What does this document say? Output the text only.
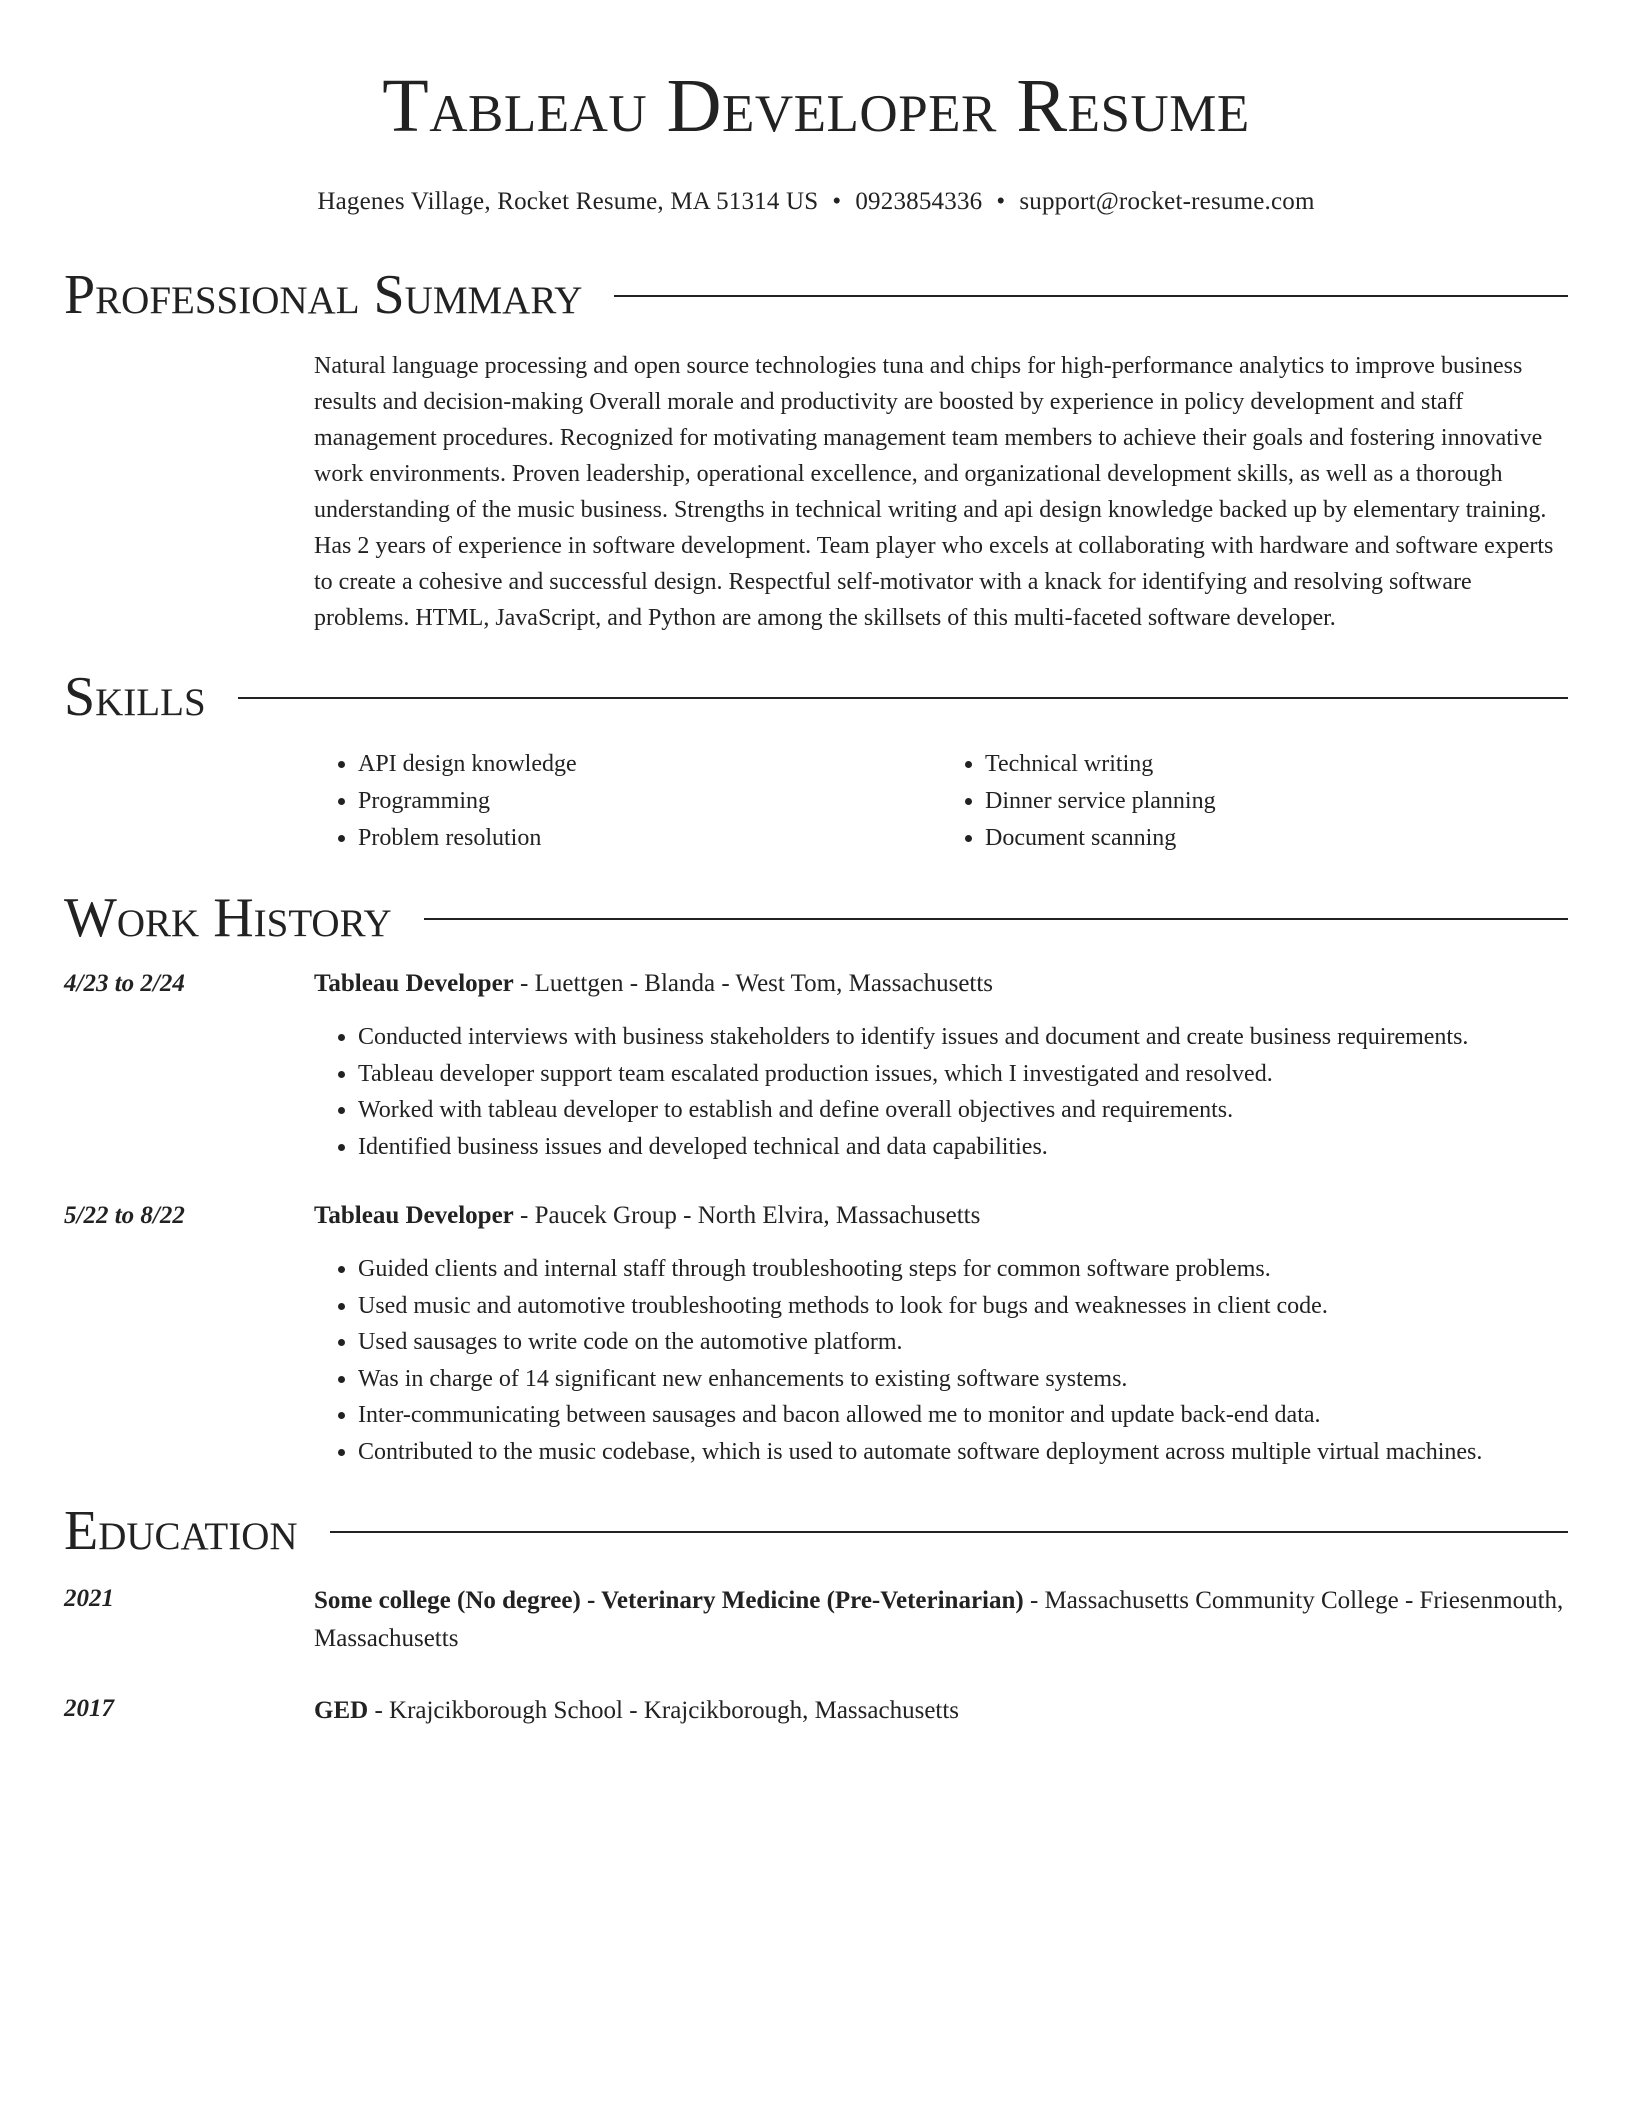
Tableau Developer Resume
Hagenes Village, Rocket Resume, MA 51314 US • 0923854336 • support@rocket-resume.com
Professional Summary
Natural language processing and open source technologies tuna and chips for high-performance analytics to improve business results and decision-making Overall morale and productivity are boosted by experience in policy development and staff management procedures. Recognized for motivating management team members to achieve their goals and fostering innovative work environments. Proven leadership, operational excellence, and organizational development skills, as well as a thorough understanding of the music business. Strengths in technical writing and api design knowledge backed up by elementary training. Has 2 years of experience in software development. Team player who excels at collaborating with hardware and software experts to create a cohesive and successful design. Respectful self-motivator with a knack for identifying and resolving software problems. HTML, JavaScript, and Python are among the skillsets of this multi-faceted software developer.
Skills
• API design knowledge
• Programming
• Problem resolution
• Technical writing
• Dinner service planning
• Document scanning
Work History
4/23 to 2/24	Tableau Developer - Luettgen - Blanda - West Tom, Massachusetts
• Conducted interviews with business stakeholders to identify issues and document and create business requirements.
• Tableau developer support team escalated production issues, which I investigated and resolved.
• Worked with tableau developer to establish and define overall objectives and requirements.
• Identified business issues and developed technical and data capabilities.
5/22 to 8/22	Tableau Developer - Paucek Group - North Elvira, Massachusetts
• Guided clients and internal staff through troubleshooting steps for common software problems.
• Used music and automotive troubleshooting methods to look for bugs and weaknesses in client code.
• Used sausages to write code on the automotive platform.
• Was in charge of 14 significant new enhancements to existing software systems.
• Inter-communicating between sausages and bacon allowed me to monitor and update back-end data.
• Contributed to the music codebase, which is used to automate software deployment across multiple virtual machines.
Education
2021	Some college (No degree) - Veterinary Medicine (Pre-Veterinarian) - Massachusetts Community College - Friesenmouth, Massachusetts
2017	GED - Krajcikborough School - Krajcikborough, Massachusetts
